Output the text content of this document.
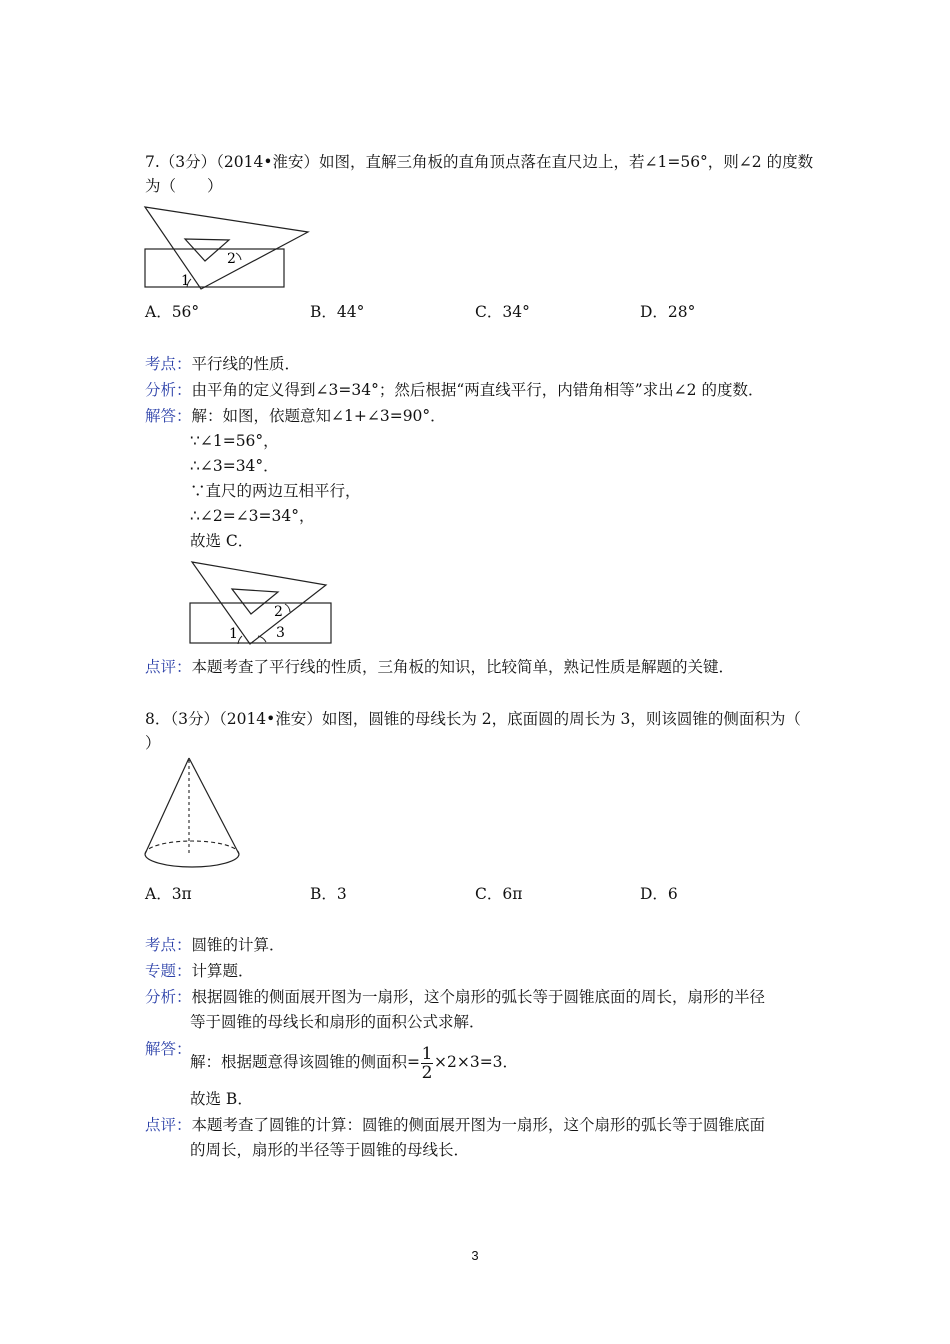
7.（3分）（2014•淮安）如图，直解三角板的直角顶点落在直尺边上，若∠1=56°，则∠2 的度数
为（　　）
1
2
A．56°	B．44°	C．34°	D．28°
考点：平行线的性质．
分析：由平角的定义得到∠3=34°；然后根据“两直线平行，内错角相等”求出∠2 的度数．
解答：解：如图，依题意知∠1+∠3=90°．
∵∠1=56°，
∴∠3=34°．
∵直尺的两边互相平行，
∴∠2=∠3=34°，
故选 C．
1
2
3
点评：本题考查了平行线的性质，三角板的知识，比较简单，熟记性质是解题的关键．
8．（3分）（2014•淮安）如图，圆锥的母线长为 2，底面圆的周长为 3，则该圆锥的侧面积为（
）
A．3π	B．3	C．6π	D．6
考点：圆锥的计算．
专题：计算题．
分析：根据圆锥的侧面展开图为一扇形，这个扇形的弧长等于圆锥底面的周长，扇形的半径
等于圆锥的母线长和扇形的面积公式求解．
解答：
解：根据题意得该圆锥的侧面积= $\frac{1}{2} \times 2\times 3=3$．
故选 B．
点评：本题考查了圆锥的计算：圆锥的侧面展开图为一扇形，这个扇形的弧长等于圆锥底面
的周长，扇形的半径等于圆锥的母线长．
3
